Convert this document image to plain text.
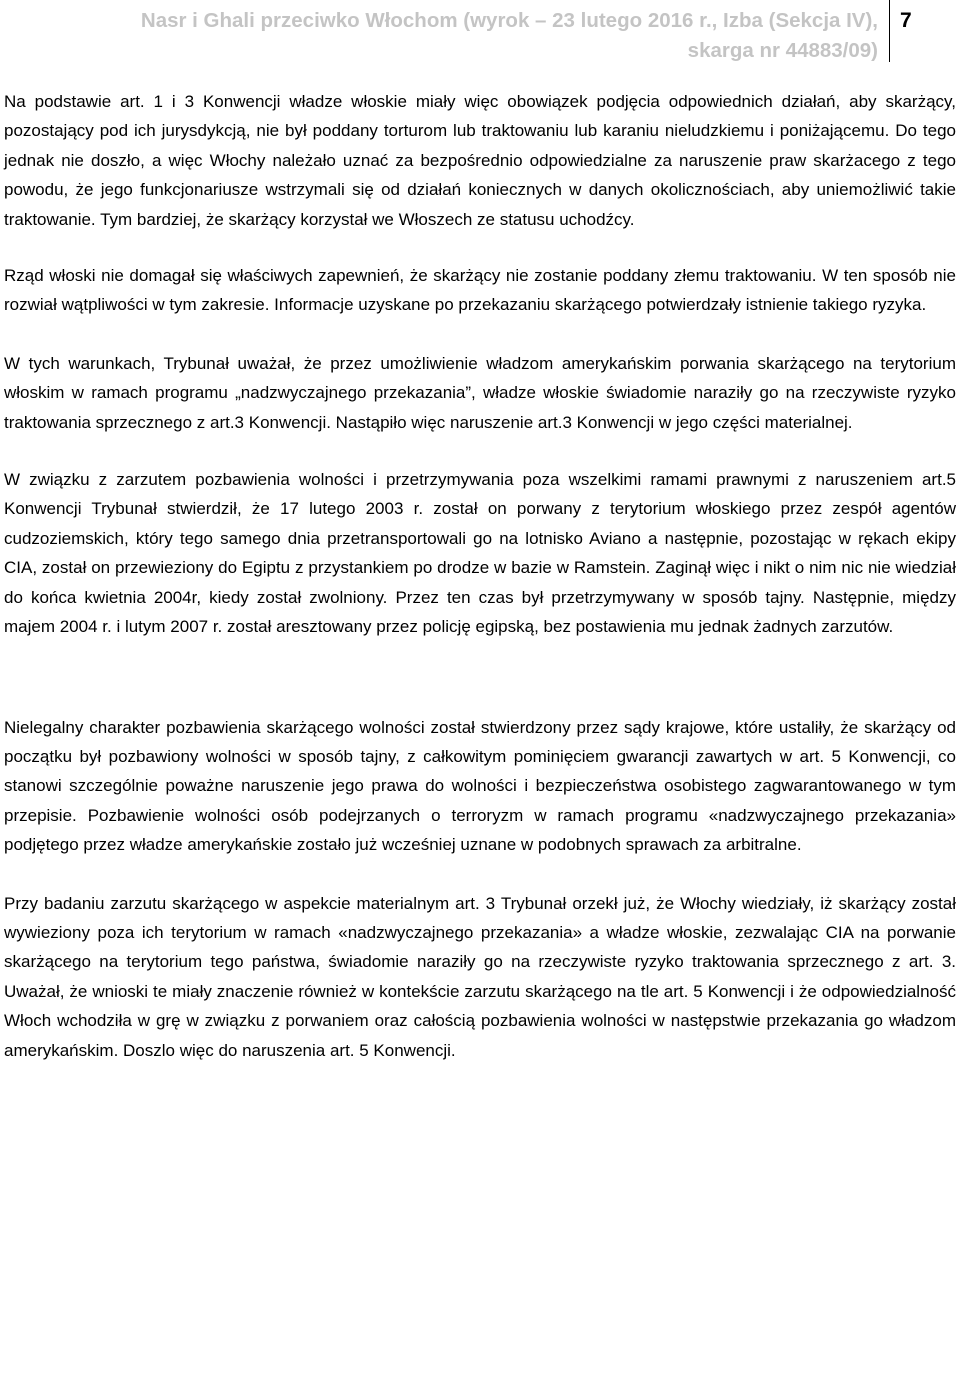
Nasr i Ghali przeciwko Włochom (wyrok – 23 lutego 2016 r., Izba (Sekcja IV),
skarga nr 44883/09)
7

Na podstawie art. 1 i 3 Konwencji władze włoskie miały więc obowiązek podjęcia odpowiednich działań, aby skarżący, pozostający pod ich jurysdykcją, nie był poddany torturom lub traktowaniu lub karaniu nieludzkiemu i poniżającemu. Do tego jednak nie doszło, a więc Włochy należało uznać za bezpośrednio odpowiedzialne za naruszenie praw skarżacego z tego powodu, że jego funkcjonariusze wstrzymali się od działań koniecznych w danych okolicznościach, aby uniemożliwić takie traktowanie. Tym bardziej, że skarżący korzystał we Włoszech ze statusu uchodźcy.

Rząd włoski nie domagał się właściwych zapewnień, że skarżący nie zostanie poddany złemu traktowaniu. W ten sposób nie rozwiał wątpliwości w tym zakresie. Informacje uzyskane po przekazaniu skarżącego potwierdzały istnienie takiego ryzyka.

W tych warunkach, Trybunał uważał, że przez umożliwienie władzom amerykańskim porwania skarżącego na terytorium włoskim w ramach programu „nadzwyczajnego przekazania”, władze włoskie świadomie naraziły go na rzeczywiste ryzyko traktowania sprzecznego z art.3 Konwencji. Nastąpiło więc naruszenie art.3 Konwencji w jego części materialnej.

W związku z zarzutem pozbawienia wolności i przetrzymywania poza wszelkimi ramami prawnymi z naruszeniem art.5 Konwencji Trybunał stwierdził, że 17 lutego 2003 r. został on porwany z terytorium włoskiego przez zespół agentów cudzoziemskich, który tego samego dnia przetransportowali go na lotnisko Aviano a następnie, pozostając w rękach ekipy CIA, został on przewieziony do Egiptu z przystankiem po drodze w bazie w Ramstein. Zaginął więc i nikt o nim nic nie wiedział do końca kwietnia 2004r, kiedy został zwolniony. Przez ten czas był przetrzymywany w sposób tajny. Następnie, między majem 2004 r. i lutym 2007 r. został aresztowany przez policję egipską, bez postawienia mu jednak żadnych zarzutów.

Nielegalny charakter pozbawienia skarżącego wolności został stwierdzony przez sądy krajowe, które ustaliły, że skarżący od początku był pozbawiony wolności w sposób tajny, z całkowitym pominięciem gwarancji zawartych w art. 5 Konwencji, co stanowi szczególnie poważne naruszenie jego prawa do wolności i bezpieczeństwa osobistego zagwarantowanego w tym przepisie. Pozbawienie wolności osób podejrzanych o terroryzm w ramach programu «nadzwyczajnego przekazania» podjętego przez władze amerykańskie zostało już wcześniej uznane w podobnych sprawach za arbitralne.

Przy badaniu zarzutu skarżącego w aspekcie materialnym art. 3 Trybunał orzekł już, że Włochy wiedziały, iż skarżący został wywieziony poza ich terytorium w ramach «nadzwyczajnego przekazania» a władze włoskie, zezwalając CIA na porwanie skarżącego na terytorium tego państwa, świadomie naraziły go na rzeczywiste ryzyko traktowania sprzecznego z art. 3. Uważał, że wnioski te miały znaczenie również w kontekście zarzutu skarżącego na tle art. 5 Konwencji i że odpowiedzialność Włoch wchodziła w grę w związku z porwaniem oraz całością pozbawienia wolności w następstwie przekazania go władzom amerykańskim. Doszlo więc do naruszenia art. 5 Konwencji.
